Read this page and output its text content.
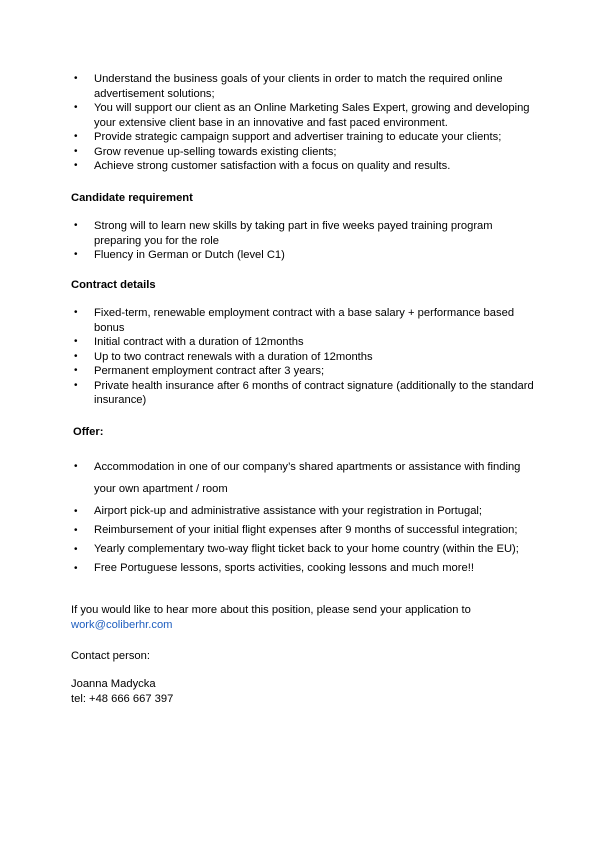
• Understand the business goals of your clients in order to match the required online advertisement solutions;
• You will support our client as an Online Marketing Sales Expert, growing and developing your extensive client base in an innovative and fast paced environment.
• Provide strategic campaign support and advertiser training to educate your clients;
• Grow revenue up-selling towards existing clients;
• Achieve strong customer satisfaction with a focus on quality and results.
Candidate requirement
• Strong will to learn new skills by taking part in five weeks payed training program preparing you for the role
• Fluency in German or Dutch (level C1)
Contract details
• Fixed-term, renewable employment contract with a base salary + performance based bonus
• Initial contract with a duration of 12months
• Up to two contract renewals with a duration of 12months
• Permanent employment contract after 3 years;
• Private health insurance after 6 months of contract signature (additionally to the standard insurance)
Offer:
• Accommodation in one of our company’s shared apartments or assistance with finding your own apartment / room
• Airport pick-up and administrative assistance with your registration in Portugal;
• Reimbursement of your initial flight expenses after 9 months of successful integration;
• Yearly complementary two-way flight ticket back to your home country (within the EU);
• Free Portuguese lessons, sports activities, cooking lessons and much more!!
If you would like to hear more about this position, please send your application to
work@coliberhr.com
Contact person:
Joanna Madycka
tel: +48 666 667 397
